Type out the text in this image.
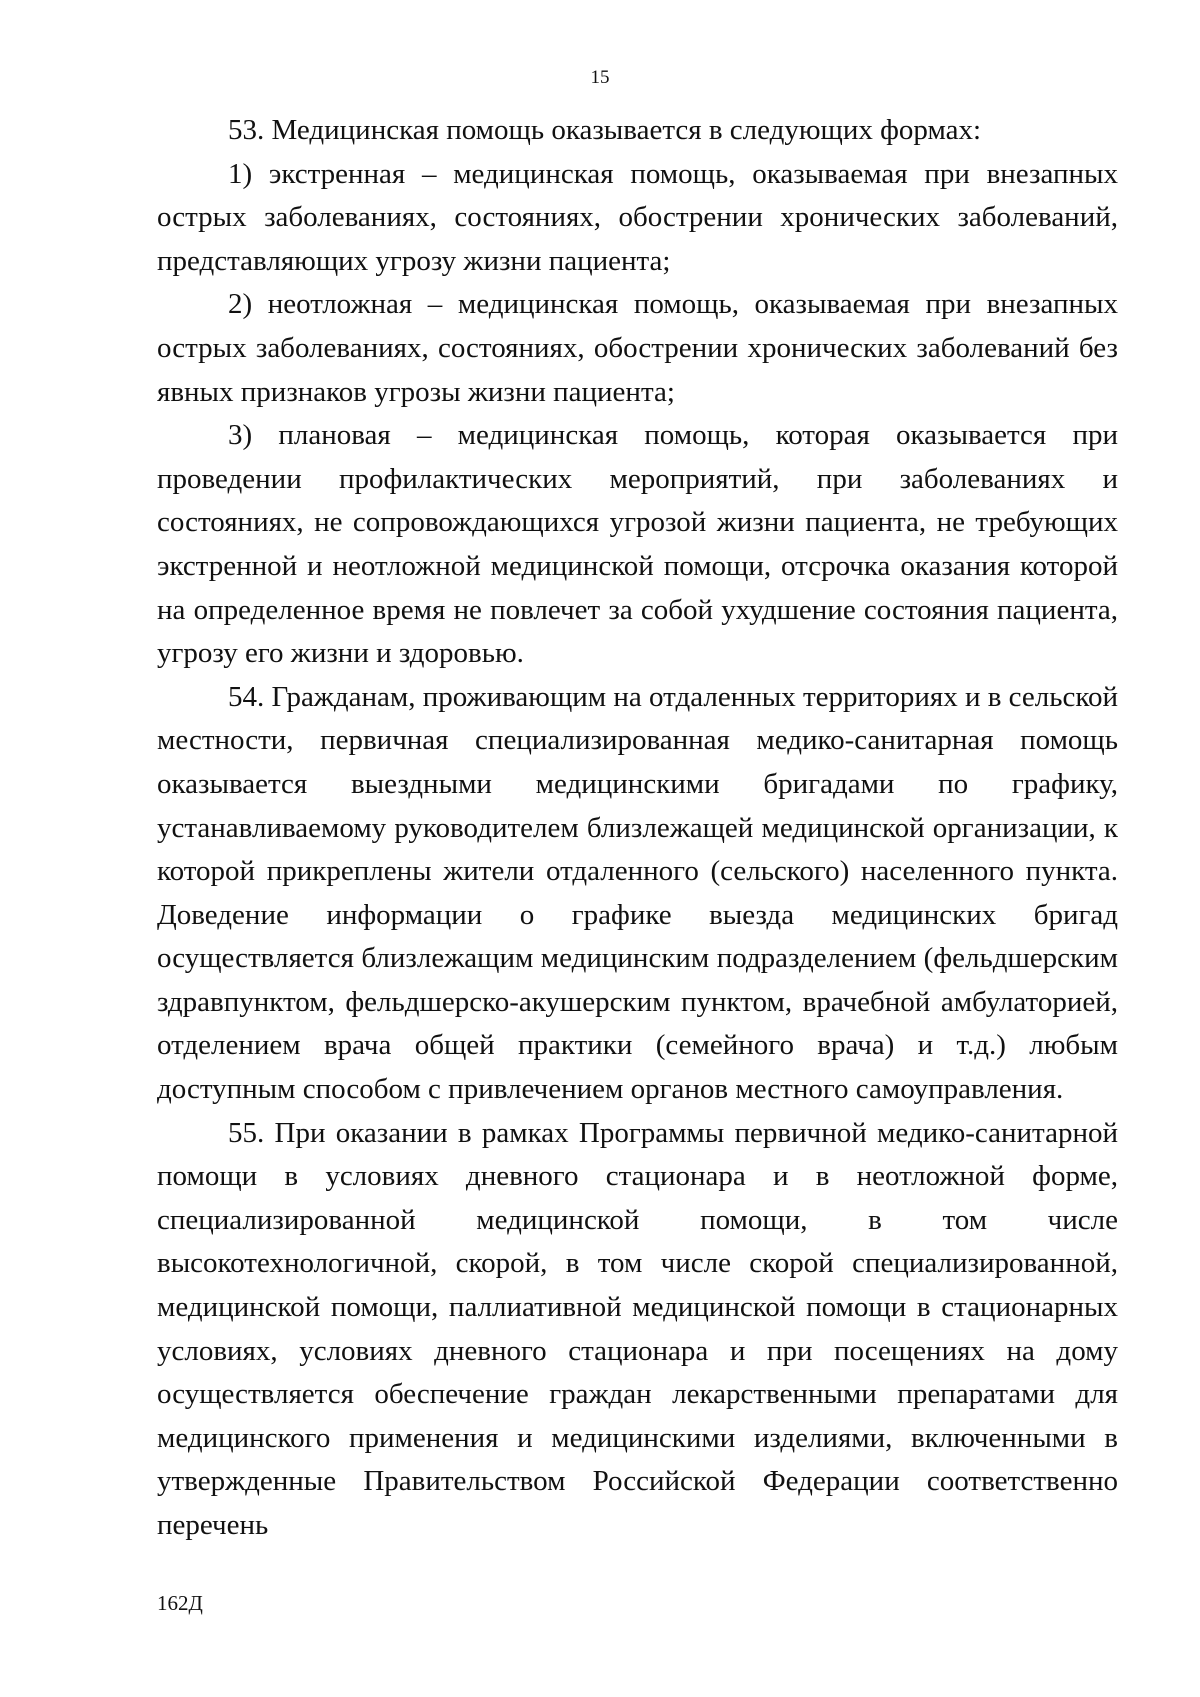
15

53. Медицинская помощь оказывается в следующих формах:

1) экстренная – медицинская помощь, оказываемая при внезапных острых заболеваниях, состояниях, обострении хронических заболеваний, представляющих угрозу жизни пациента;

2) неотложная – медицинская помощь, оказываемая при внезапных острых заболеваниях, состояниях, обострении хронических заболеваний без явных признаков угрозы жизни пациента;

3) плановая – медицинская помощь, которая оказывается при проведении профилактических мероприятий, при заболеваниях и состояниях, не сопровождающихся угрозой жизни пациента, не требующих экстренной и неотложной медицинской помощи, отсрочка оказания которой на определенное время не повлечет за собой ухудшение состояния пациента, угрозу его жизни и здоровью.

54. Гражданам, проживающим на отдаленных территориях и в сельской местности, первичная специализированная медико-санитарная помощь оказывается выездными медицинскими бригадами по графику, устанавливаемому руководителем близлежащей медицинской организации, к которой прикреплены жители отдаленного (сельского) населенного пункта. Доведение информации о графике выезда медицинских бригад осуществляется близлежащим медицинским подразделением (фельдшерским здравпунктом, фельдшерско-акушерским пунктом, врачебной амбулаторией, отделением врача общей практики (семейного врача) и т.д.) любым доступным способом с привлечением органов местного самоуправления.

55. При оказании в рамках Программы первичной медико-санитарной помощи в условиях дневного стационара и в неотложной форме, специализированной медицинской помощи, в том числе высокотехнологичной, скорой, в том числе скорой специализированной, медицинской помощи, паллиативной медицинской помощи в стационарных условиях, условиях дневного стационара и при посещениях на дому осуществляется обеспечение граждан лекарственными препаратами для медицинского применения и медицинскими изделиями, включенными в утвержденные Правительством Российской Федерации соответственно перечень

162Д
